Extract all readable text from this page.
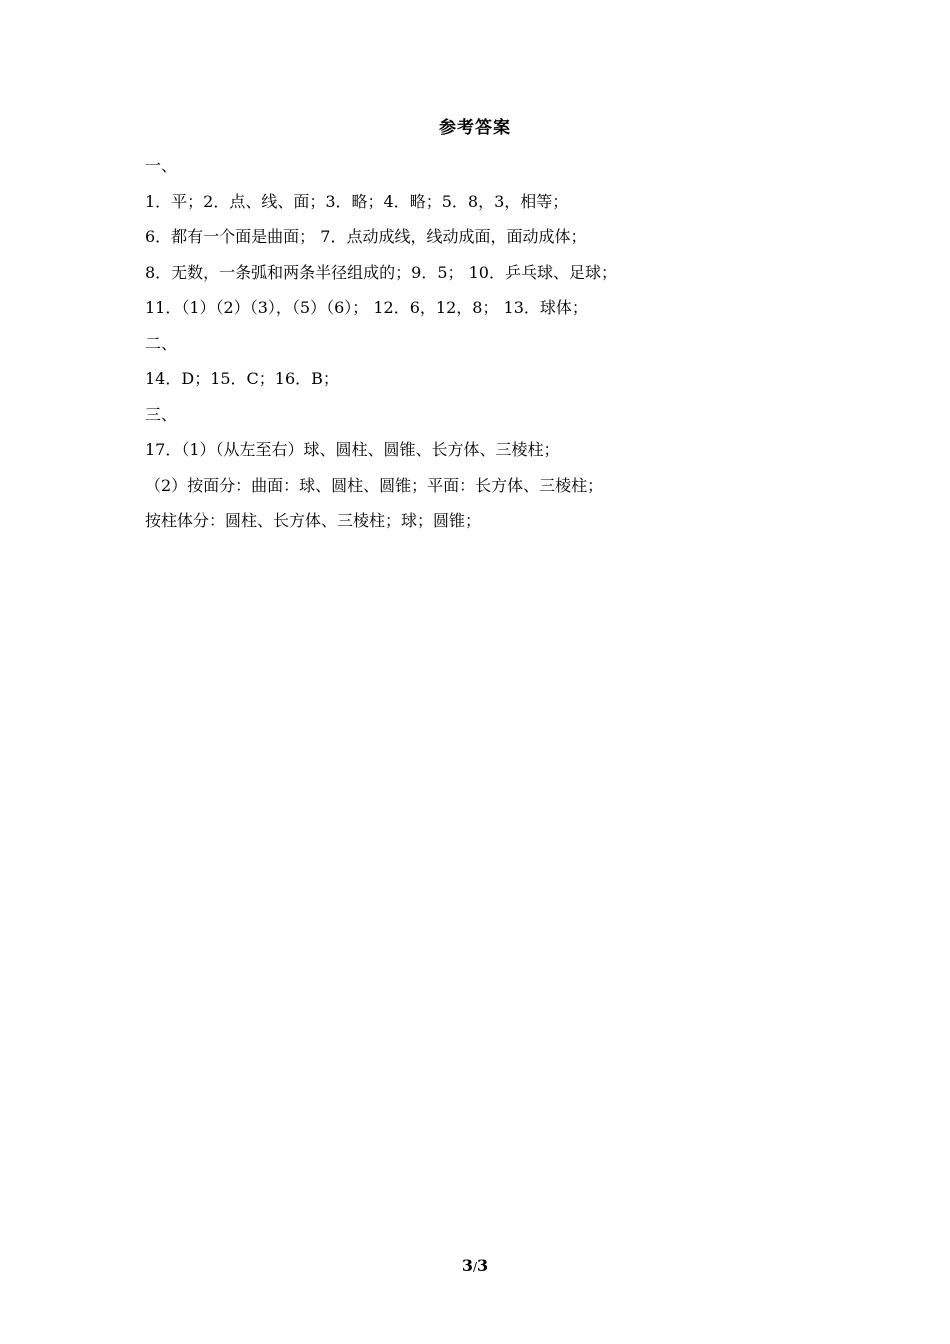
参考答案
一、
1．平；2．点、线、面；3．略；4．略；5．8，3，相等；
6．都有一个面是曲面； 7．点动成线，线动成面，面动成体；
8．无数，一条弧和两条半径组成的；9．5； 10．乒乓球、足球；
11．（1）（2）（3），（5）（6）； 12．6，12，8； 13．球体；
二、
14．D；15．C；16．B；
三、
17．（1）（从左至右）球、圆柱、圆锥、长方体、三棱柱；
（2）按面分：曲面：球、圆柱、圆锥；平面：长方体、三棱柱；
按柱体分：圆柱、长方体、三棱柱；球；圆锥；
3/3
